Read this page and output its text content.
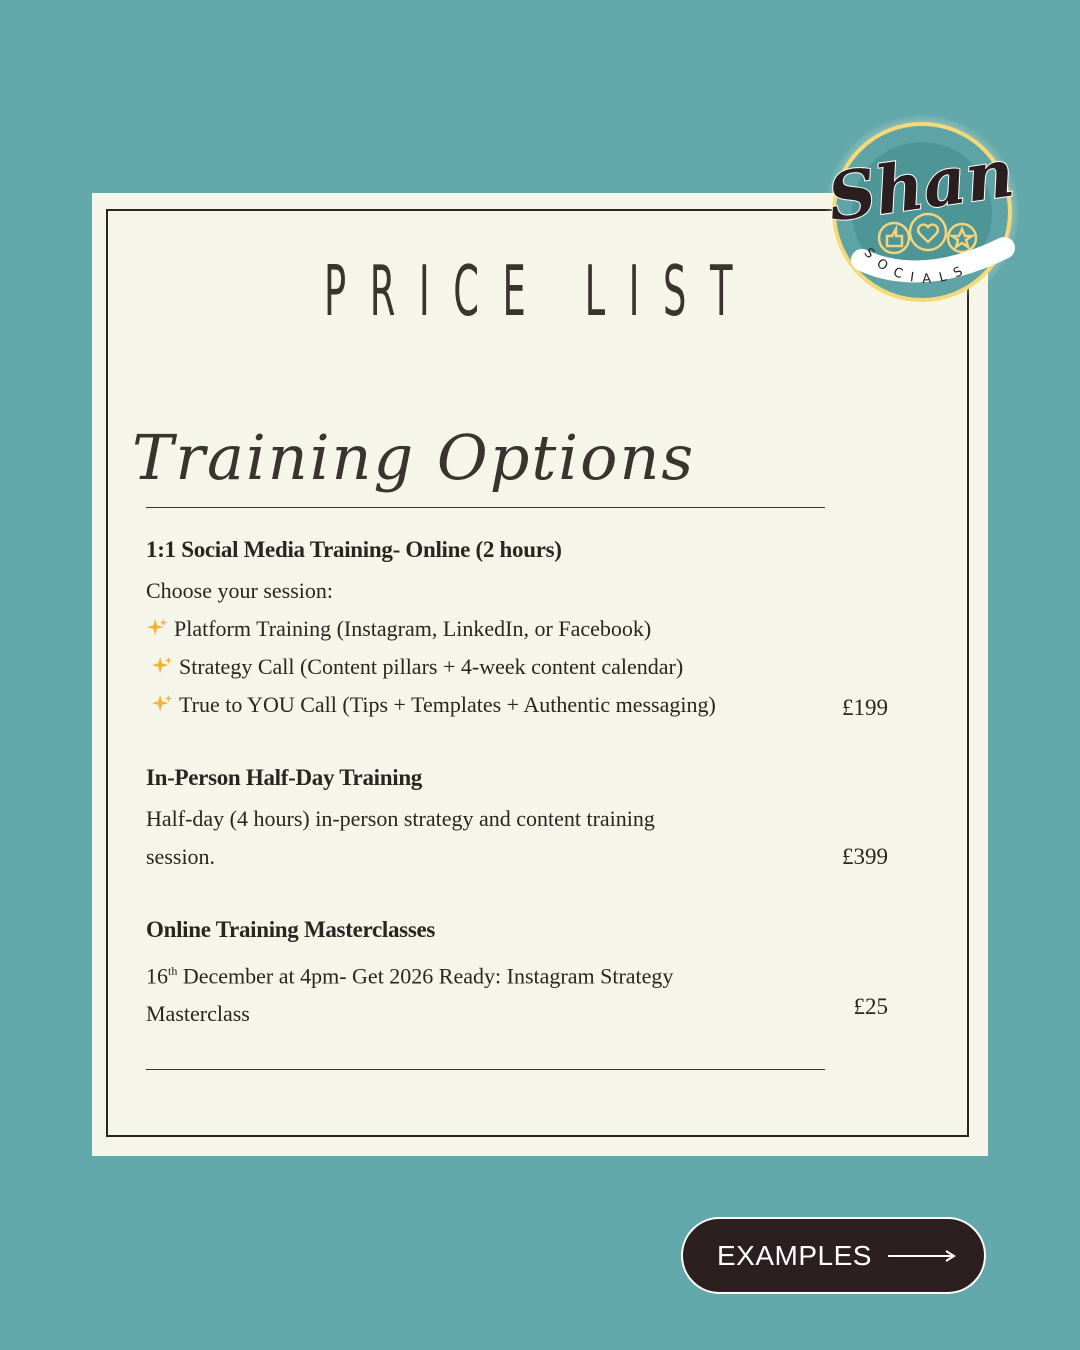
PRICE LIST
Training Options
1:1 Social Media Training- Online (2 hours)
Choose your session:
Platform Training (Instagram, LinkedIn, or Facebook)
Strategy Call (Content pillars + 4-week content calendar)
True to YOU Call (Tips + Templates + Authentic messaging)	£199
In-Person Half-Day Training
Half-day (4 hours) in-person strategy and content training
session.	£399
Online Training Masterclasses
16th December at 4pm- Get 2026 Ready: Instagram Strategy
Masterclass	£25
Shan
SOCIALS
EXAMPLES
